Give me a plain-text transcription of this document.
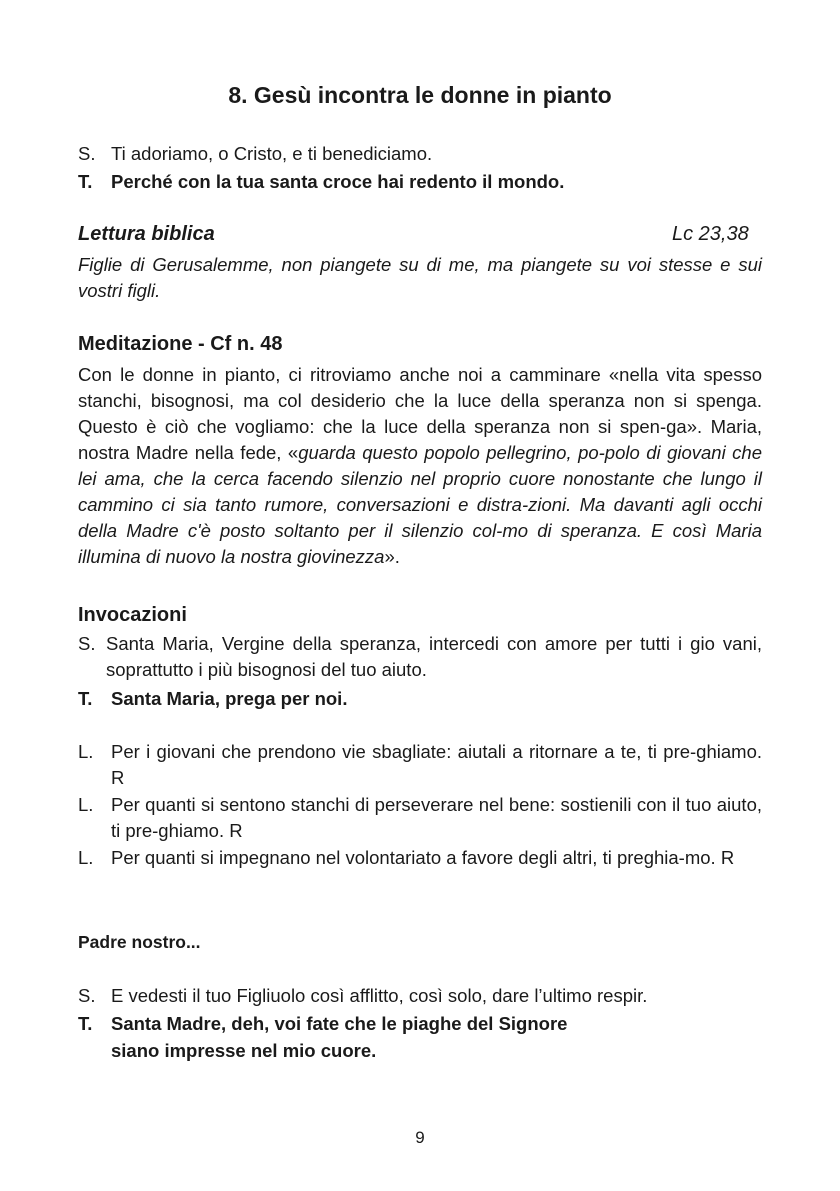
8. Gesù incontra le donne in pianto
S. Ti adoriamo, o Cristo, e ti benediciamo.
T. Perché con la tua santa croce hai redento il mondo.
Lettura biblica	Lc 23,38
Figlie di Gerusalemme, non piangete su di me, ma piangete su voi stesse e sui vostri figli.
Meditazione - Cf n. 48
Con le donne in pianto, ci ritroviamo anche noi a camminare «nella vita spesso stanchi, bisognosi, ma col desiderio che la luce della speranza non si spenga. Questo è ciò che vogliamo: che la luce della speranza non si spen-ga». Maria, nostra Madre nella fede, «guarda questo popolo pellegrino, po-polo di giovani che lei ama, che la cerca facendo silenzio nel proprio cuore nonostante che lungo il cammino ci sia tanto rumore, conversazioni e distra-zioni. Ma davanti agli occhi della Madre c'è posto soltanto per il silenzio col-mo di speranza. E così Maria illumina di nuovo la nostra giovinezza».
Invocazioni
S. Santa Maria, Vergine della speranza, intercedi con amore per tutti i gio vani, soprattutto i più bisognosi del tuo aiuto.
T.	Santa Maria, prega per noi.
L. Per i giovani che prendono vie sbagliate: aiutali a ritornare a te, ti pre-ghiamo. R
L. Per quanti si sentono stanchi di perseverare nel bene: sostienili con il tuo aiuto, ti pre-ghiamo. R
L. Per quanti si impegnano nel volontariato a favore degli altri, ti preghia-mo. R
Padre nostro...
S. E vedesti il tuo Figliuolo così afflitto, così solo, dare l’ultimo respir.
T. Santa Madre, deh, voi fate che le piaghe del Signore
siano impresse nel mio cuore.
9
